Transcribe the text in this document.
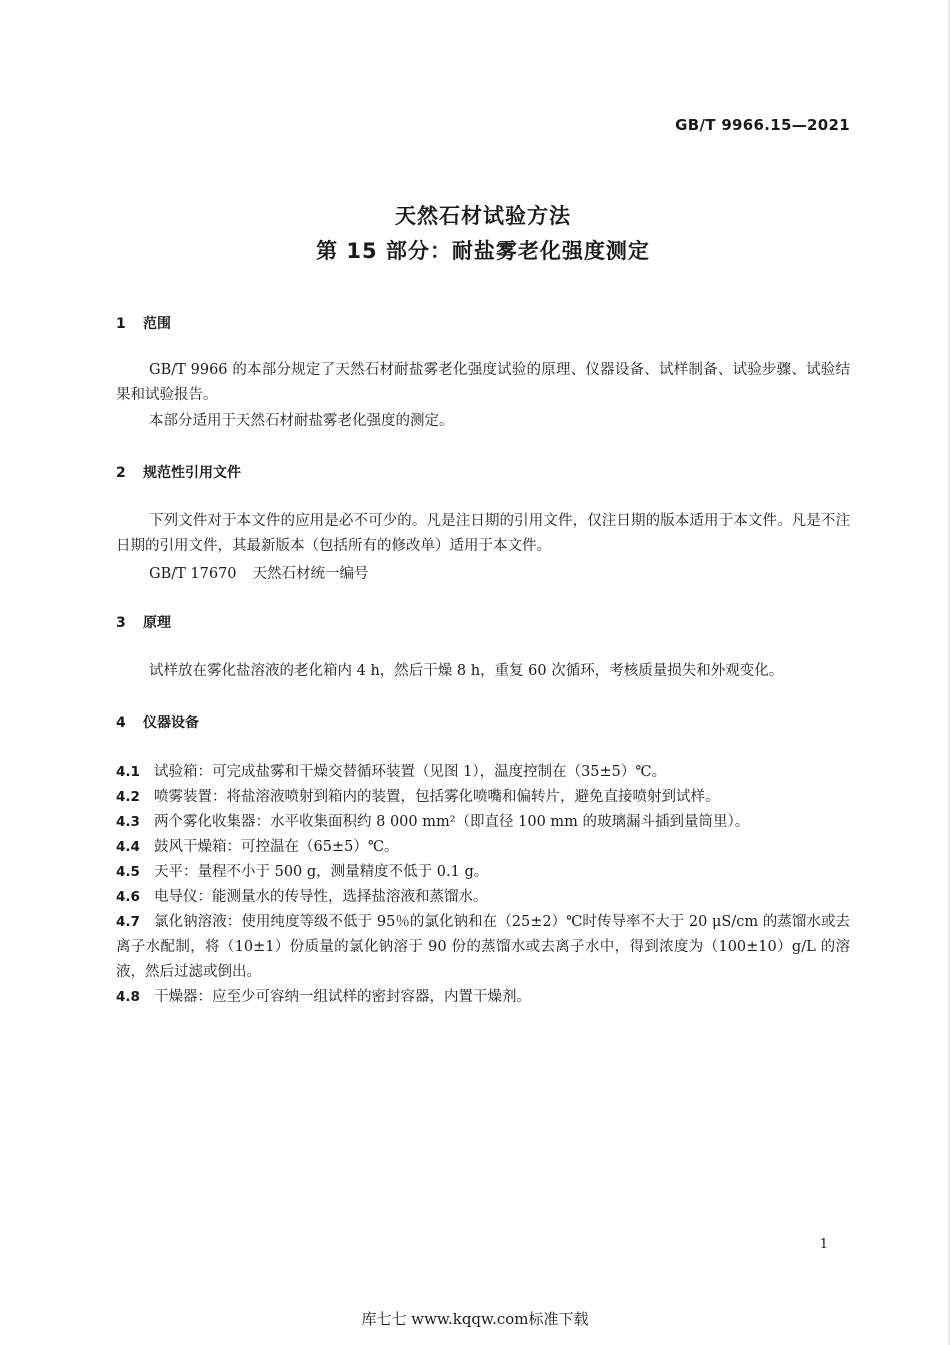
GB/T 9966.15—2021
天然石材试验方法
第 15 部分：耐盐雾老化强度测定
1 范围
GB/T 9966 的本部分规定了天然石材耐盐雾老化强度试验的原理、仪器设备、试样制备、试验步骤、试验结果和试验报告。
本部分适用于天然石材耐盐雾老化强度的测定。
2 规范性引用文件
下列文件对于本文件的应用是必不可少的。凡是注日期的引用文件，仅注日期的版本适用于本文件。凡是不注日期的引用文件，其最新版本（包括所有的修改单）适用于本文件。
GB/T 17670 天然石材统一编号
3 原理
试样放在雾化盐溶液的老化箱内 4 h，然后干燥 8 h，重复 60 次循环，考核质量损失和外观变化。
4 仪器设备
4.1 试验箱：可完成盐雾和干燥交替循环装置（见图 1），温度控制在（35±5）℃。
4.2 喷雾装置：将盐溶液喷射到箱内的装置，包括雾化喷嘴和偏转片，避免直接喷射到试样。
4.3 两个雾化收集器：水平收集面积约 8 000 mm²（即直径 100 mm 的玻璃漏斗插到量筒里）。
4.4 鼓风干燥箱：可控温在（65±5）℃。
4.5 天平：量程不小于 500 g，测量精度不低于 0.1 g。
4.6 电导仪：能测量水的传导性，选择盐溶液和蒸馏水。
4.7 氯化钠溶液：使用纯度等级不低于 95％的氯化钠和在（25±2）℃时传导率不大于 20 μS/cm 的蒸馏水或去离子水配制，将（10±1）份质量的氯化钠溶于 90 份的蒸馏水或去离子水中，得到浓度为（100±10）g/L 的溶液，然后过滤或倒出。
4.8 干燥器：应至少可容纳一组试样的密封容器，内置干燥剂。
1
库七七 www.kqqw.com标准下载
